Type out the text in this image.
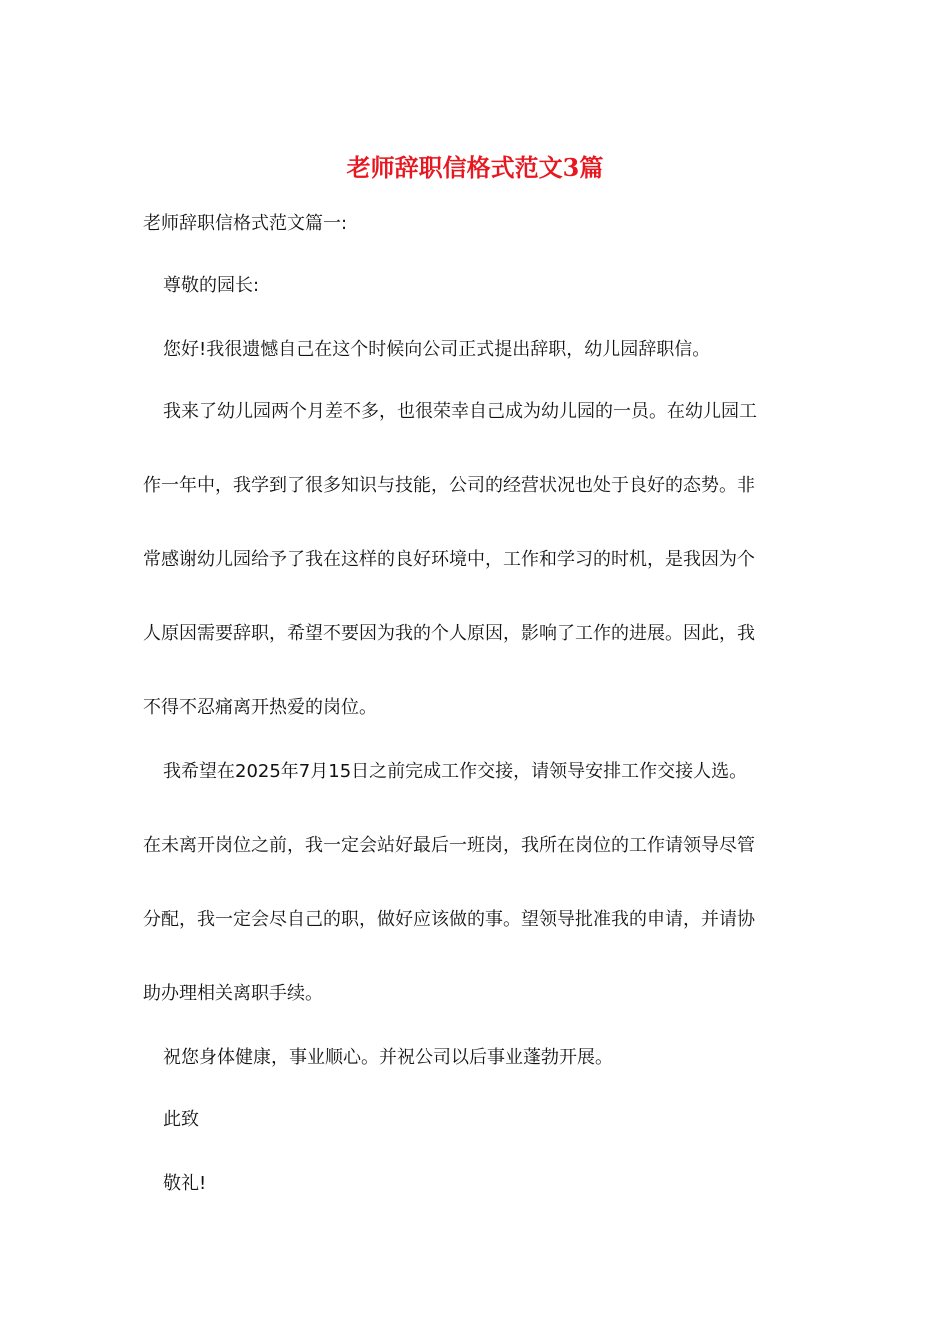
老师辞职信格式范文3篇
老师辞职信格式范文篇一:
尊敬的园长:
您好!我很遗憾自己在这个时候向公司正式提出辞职，幼儿园辞职信。
我来了幼儿园两个月差不多，也很荣幸自己成为幼儿园的一员。在幼儿园工
作一年中，我学到了很多知识与技能，公司的经营状况也处于良好的态势。非
常感谢幼儿园给予了我在这样的良好环境中，工作和学习的时机，是我因为个
人原因需要辞职，希望不要因为我的个人原因，影响了工作的进展。因此，我
不得不忍痛离开热爱的岗位。
我希望在2025年7月15日之前完成工作交接，请领导安排工作交接人选。
在未离开岗位之前，我一定会站好最后一班岗，我所在岗位的工作请领导尽管
分配，我一定会尽自己的职，做好应该做的事。望领导批准我的申请，并请协
助办理相关离职手续。
祝您身体健康，事业顺心。并祝公司以后事业蓬勃开展。
此致
敬礼!
